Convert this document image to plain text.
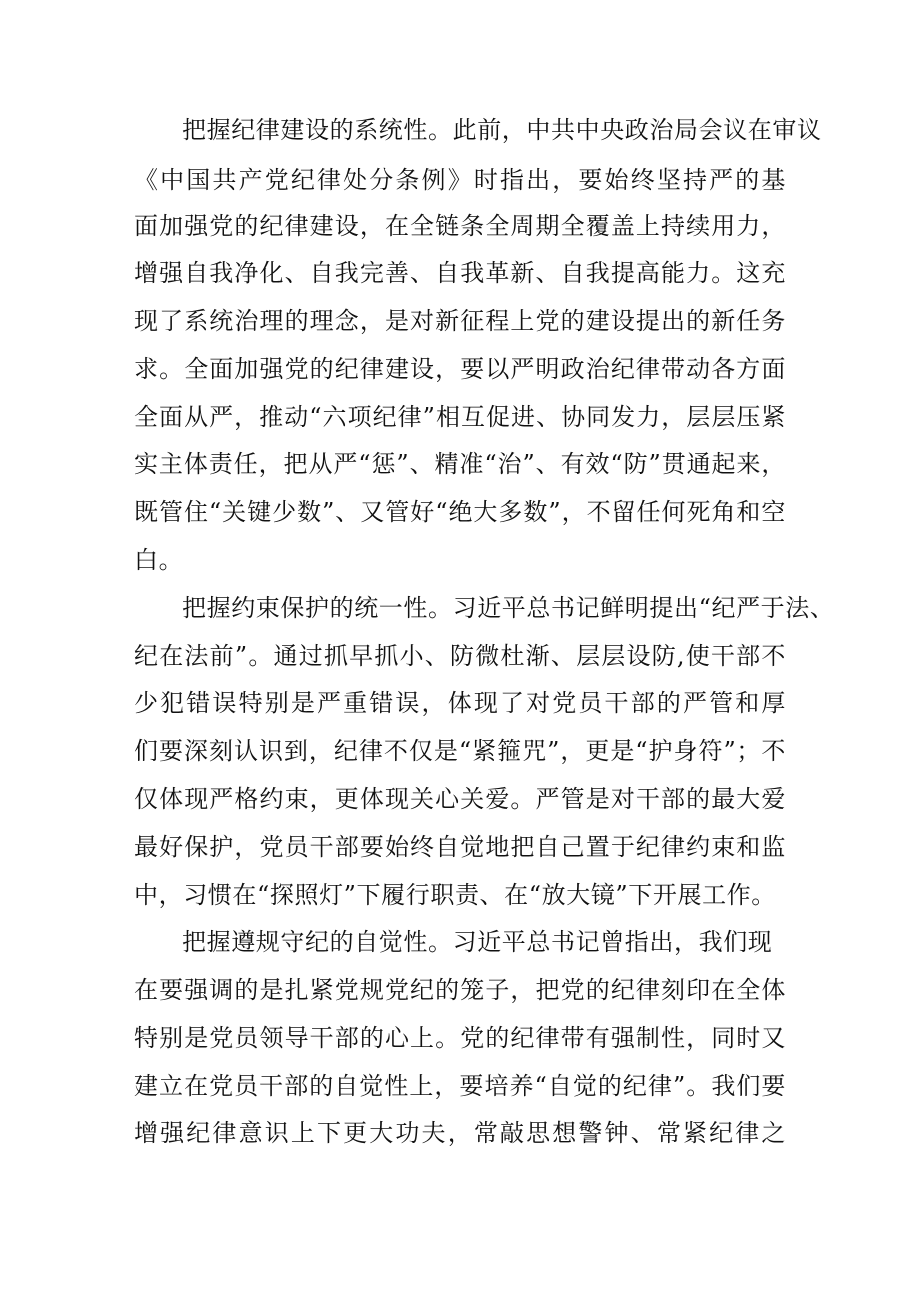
把握纪律建设的系统性。此前，中共中央政治局会议在审议
《中国共产党纪律处分条例》时指出，要始终坚持严的基
面加强党的纪律建设，在全链条全周期全覆盖上持续用力，
增强自我净化、自我完善、自我革新、自我提高能力。这充
现了系统治理的理念，是对新征程上党的建设提出的新任务
求。全面加强党的纪律建设，要以严明政治纪律带动各方面
全面从严，推动“六项纪律”相互促进、协同发力，层层压紧
实主体责任，把从严“惩”、精准“治”、有效“防”贯通起来，
既管住“关键少数”、又管好“绝大多数”，不留任何死角和空
白。
把握约束保护的统一性。习近平总书记鲜明提出“纪严于法、
纪在法前”。通过抓早抓小、防微杜渐、层层设防,使干部不
少犯错误特别是严重错误，体现了对党员干部的严管和厚
们要深刻认识到，纪律不仅是“紧箍咒”，更是“护身符”；不
仅体现严格约束，更体现关心关爱。严管是对干部的最大爱
最好保护，党员干部要始终自觉地把自己置于纪律约束和监
中，习惯在“探照灯”下履行职责、在“放大镜”下开展工作。
把握遵规守纪的自觉性。习近平总书记曾指出，我们现
在要强调的是扎紧党规党纪的笼子，把党的纪律刻印在全体
特别是党员领导干部的心上。党的纪律带有强制性，同时又
建立在党员干部的自觉性上，要培养“自觉的纪律”。我们要
增强纪律意识上下更大功夫，常敲思想警钟、常紧纪律之
